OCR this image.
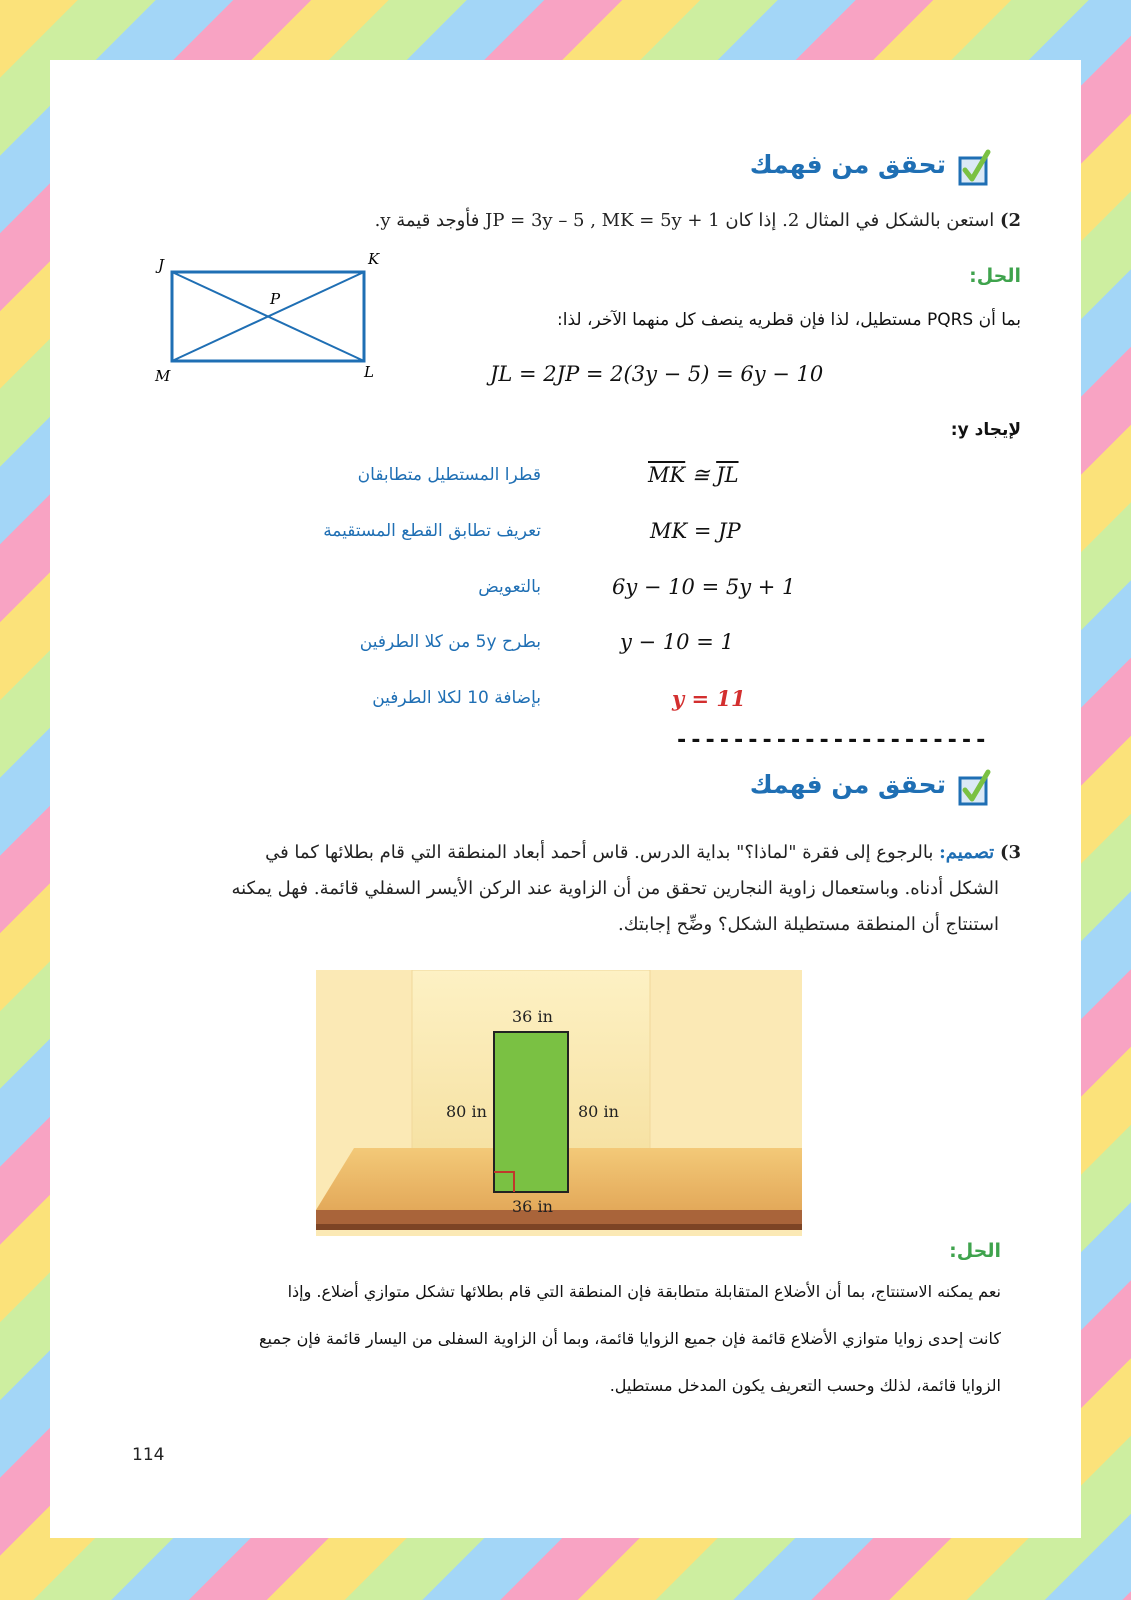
تحقق من فهمك
2) استعن بالشكل في المثال 2. إذا كان JP = 3y – 5 , MK = 5y + 1 فأوجد قيمة y.
J	K
M	L
P
الحل:
بما أن PQRS مستطيل، لذا فإن قطريه ينصف كل منهما الآخر، لذا:
JL = 2JP = 2(3y − 5) = 6y − 10
لإيجاد y:
$\overline{MK}$ ≅ $\overline{JL}$
قطرا المستطيل متطابقان
MK = JP
تعريف تطابق القطع المستقيمة
6y − 10 = 5y + 1
بالتعويض
y − 10 = 1
بطرح 5y من كلا الطرفين
y = 11
بإضافة 10 لكلا الطرفين
----------------------
تحقق من فهمك
3) تصميم: بالرجوع إلى فقرة "لماذا؟" بداية الدرس. قاس أحمد أبعاد المنطقة التي قام بطلائها كما في
الشكل أدناه. وباستعمال زاوية النجارين تحقق من أن الزاوية عند الركن الأيسر السفلي قائمة. فهل يمكنه
استنتاج أن المنطقة مستطيلة الشكل؟ وضِّح إجابتك.
36 in
36 in
80 in	80 in
الحل:
نعم يمكنه الاستنتاج، بما أن الأضلاع المتقابلة متطابقة فإن المنطقة التي قام بطلائها تشكل متوازي أضلاع. وإذا
كانت إحدى زوايا متوازي الأضلاع قائمة فإن جميع الزوايا قائمة، وبما أن الزاوية السفلى من اليسار قائمة فإن جميع
الزوايا قائمة، لذلك وحسب التعريف يكون المدخل مستطيل.
114
